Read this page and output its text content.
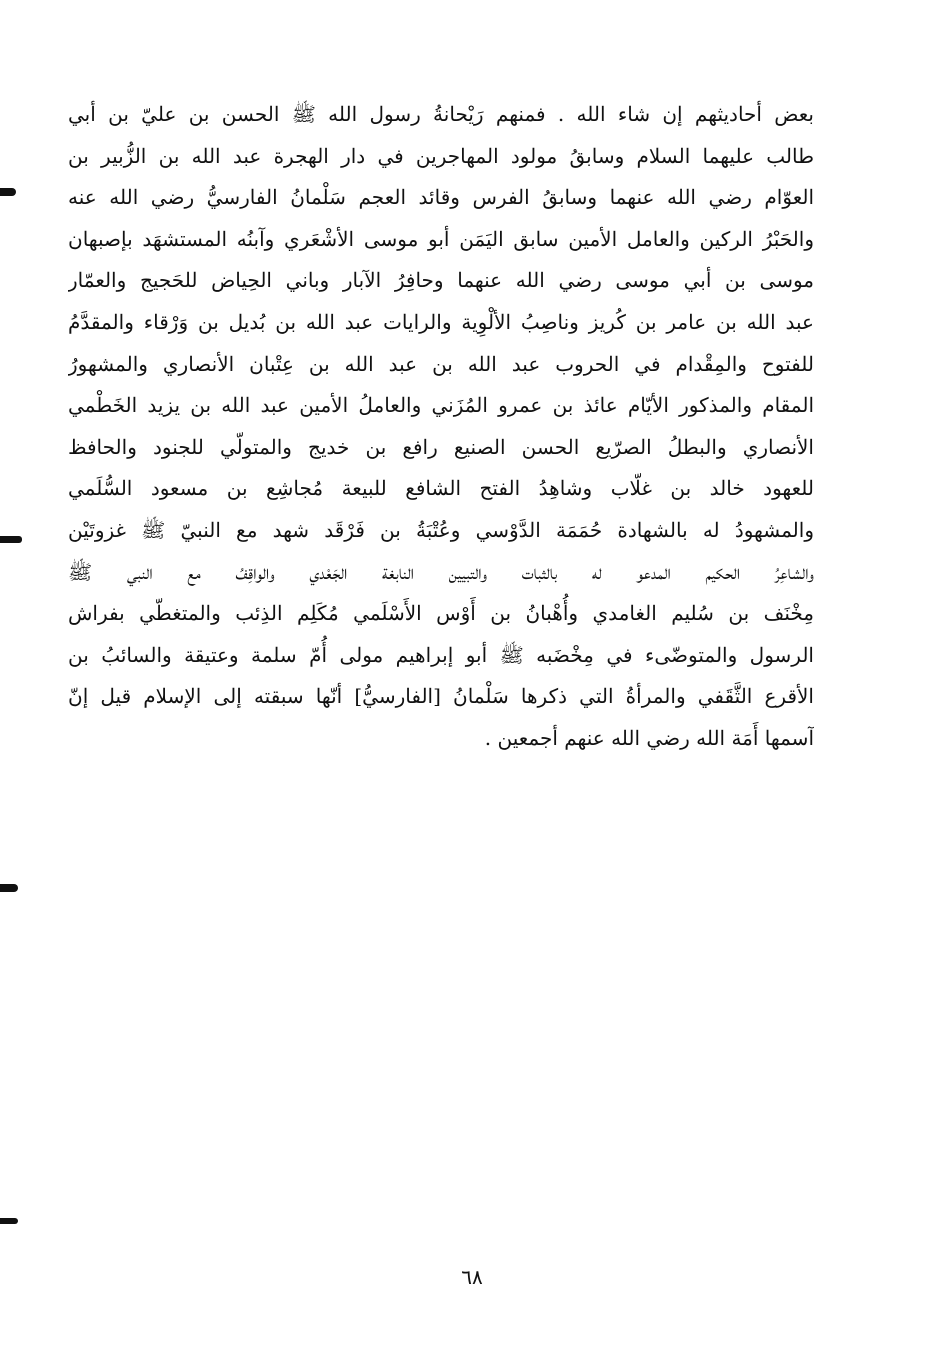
بعض أحاديثهم إن شاء الله . فمنهم رَيْحانةُ رسول الله ﷺ الحسن بن عليّ بن أبي
طالب عليهما السلام وسابقُ مولود المهاجرين في دار الهجرة عبد الله بن الزُّبير بن
العوّام رضي الله عنهما وسابقُ الفرس وقائد العجم سَلْمانُ الفارسيُّ رضي الله عنه
والحَبْرُ الركين والعامل الأمين سابق اليَمَن أبو موسى الأشْعَري وآبنُه المستشهَد بإصبهان
موسى بن أبي موسى رضي الله عنهما وحافِرُ الآبار وباني الحِياض للحَجيج والعمّار
عبد الله بن عامر بن كُريز وناصِبُ الألْوِية والرايات عبد الله بن بُديل بن وَرْقاء والمقدَّمُ
للفتوح والمِقْدام في الحروب عبد الله بن عبد الله بن عِتْبان الأنصاري والمشهورُ
المقام والمذكور الأيّام عائذ بن عمرو المُزَني والعاملُ الأمين عبد الله بن يزيد الخَطْمي
الأنصاري والبطلُ الصرّيع الحسن الصنيع رافع بن خديج والمتولّي للجنود والحافظ
للعهود خالد بن غلّاب وشاهِدُ الفتح الشافع للبيعة مُجاشِع بن مسعود السُّلَمي
والمشهودُ له بالشهادة حُمَمَة الدَّوْسي وعُتْبَةُ بن فَرْقَد شهد مع النبيّ ﷺ غزوتَيْن
والشاعِرُ الحكيم المدعو له بالثبات والتبيين النابغة الجَعْدي والواقِفُ مع النبي ﷺ
مِخْنَف بن سُليم الغامدي وأُهْبانُ بن أَوْس الأَسْلَمي مُكَلِم الذِئب والمتغطّي بفراش
الرسول والمتوضّىء في مِخْضَبه ﷺ أبو إبراهيم مولى أُمّ سلمة وعتيقة والسائبُ بن
الأقرع الثَّقَفي والمرأةُ التي ذكرها سَلْمانُ [الفارسيُّ] أنّها سبقته إلى الإسلام قيل إنّ
آسمها أَمَة الله رضي الله عنهم أجمعين .
٦٨
